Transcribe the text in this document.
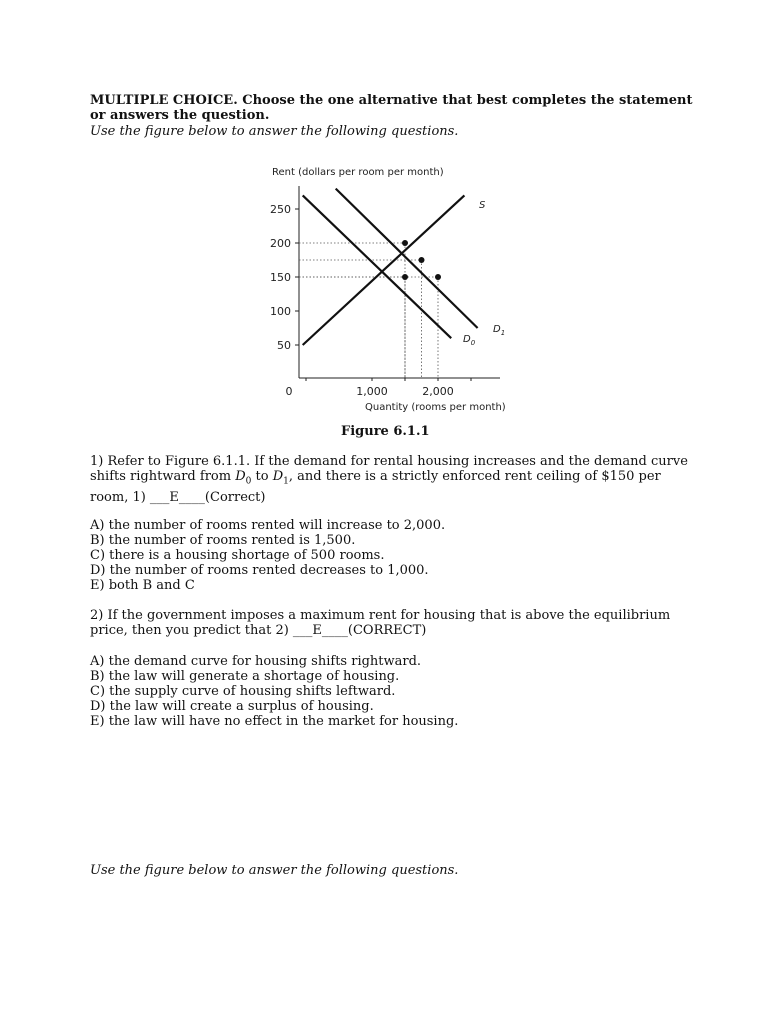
MULTIPLE CHOICE. Choose the one alternative that best completes the statement
or answers the question.
Use the figure below to answer the following questions.
Rent (dollars per room per month)
50
100
150
200
250
0	1,000	2,000
Quantity (rooms per month)
S
$D_0$
$D_1$
Figure 6.1.1
1) Refer to Figure 6.1.1. If the demand for rental housing increases and the demand curve
shifts rightward from $D_0$ to $D_1$, and there is a strictly enforced rent ceiling of $150 per
room, 1) ___E____(Correct)
A) the number of rooms rented will increase to 2,000.
B) the number of rooms rented is 1,500.
C) there is a housing shortage of 500 rooms.
D) the number of rooms rented decreases to 1,000.
E) both B and C
2) If the government imposes a maximum rent for housing that is above the equilibrium
price, then you predict that 2) ___E____(CORRECT)
A) the demand curve for housing shifts rightward.
B) the law will generate a shortage of housing.
C) the supply curve of housing shifts leftward.
D) the law will create a surplus of housing.
E) the law will have no effect in the market for housing.
Use the figure below to answer the following questions.
